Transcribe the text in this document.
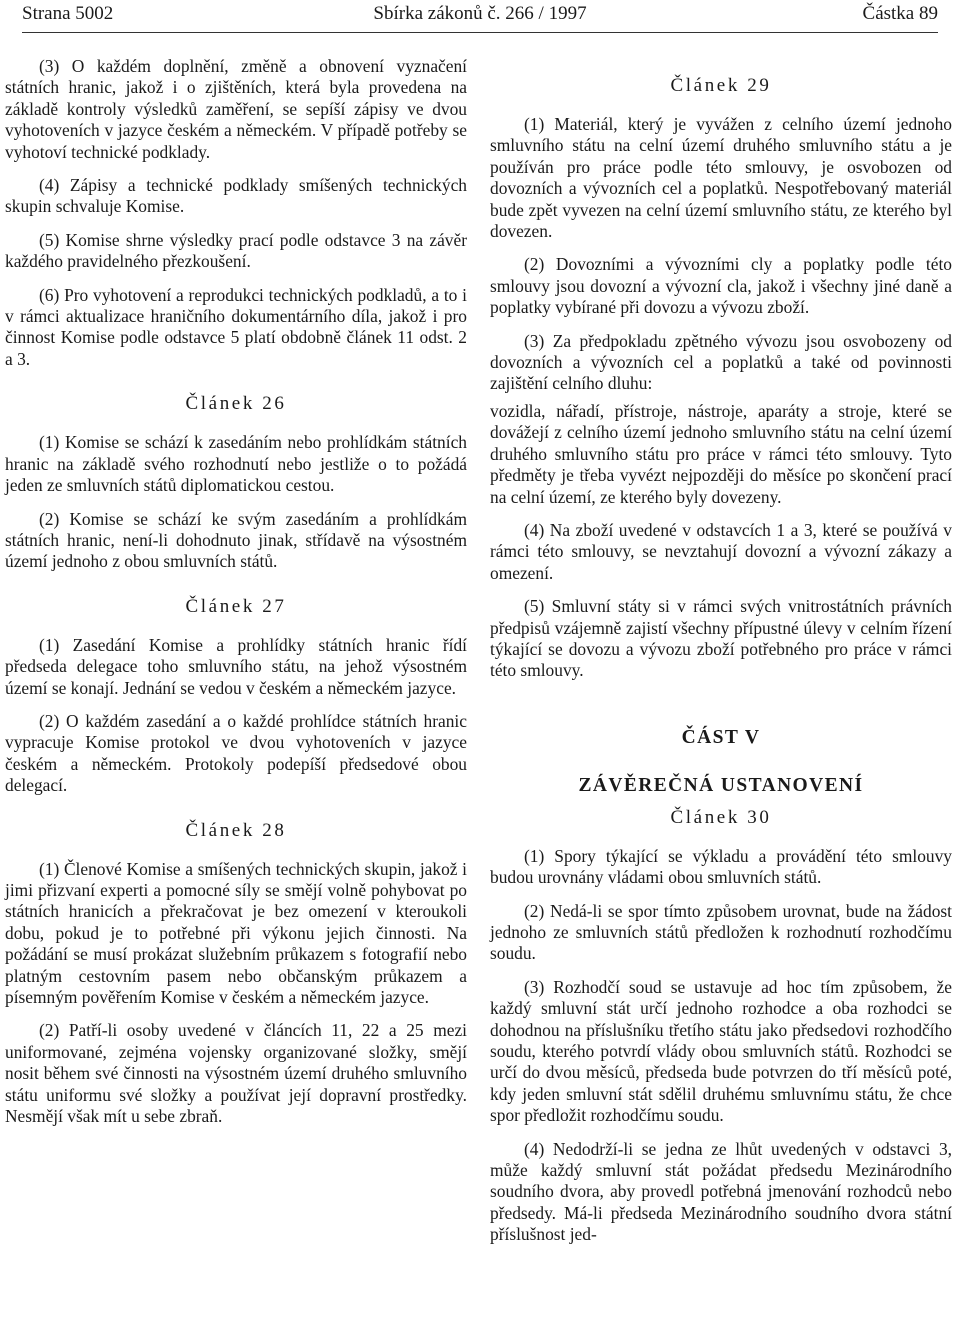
Strana 5002	Sbírka zákonů č. 266 / 1997	Částka 89

(3) O každém doplnění, změně a obnovení vyznačení státních hranic, jakož i o zjištěních, která byla provedena na základě kontroly výsledků zaměření, se sepíší zápisy ve dvou vyhotoveních v jazyce českém a německém. V případě potřeby se vyhotoví technické podklady.

(4) Zápisy a technické podklady smíšených technických skupin schvaluje Komise.

(5) Komise shrne výsledky prací podle odstavce 3 na závěr každého pravidelného přezkoušení.

(6) Pro vyhotovení a reprodukci technických podkladů, a to i v rámci aktualizace hraničního dokumentárního díla, jakož i pro činnost Komise podle odstavce 5 platí obdobně článek 11 odst. 2 a 3.

Článek 26

(1) Komise se schází k zasedáním nebo prohlídkám státních hranic na základě svého rozhodnutí nebo jestliže o to požádá jeden ze smluvních států diplomatickou cestou.

(2) Komise se schází ke svým zasedáním a prohlídkám státních hranic, není-li dohodnuto jinak, střídavě na výsostném území jednoho z obou smluvních států.

Článek 27

(1) Zasedání Komise a prohlídky státních hranic řídí předseda delegace toho smluvního státu, na jehož výsostném území se konají. Jednání se vedou v českém a německém jazyce.

(2) O každém zasedání a o každé prohlídce státních hranic vypracuje Komise protokol ve dvou vyhotoveních v jazyce českém a německém. Protokoly podepíší předsedové obou delegací.

Článek 28

(1) Členové Komise a smíšených technických skupin, jakož i jimi přizvaní experti a pomocné síly se smějí volně pohybovat po státních hranicích a překračovat je bez omezení v kteroukoli dobu, pokud je to potřebné při výkonu jejich činnosti. Na požádání se musí prokázat služebním průkazem s fotografií nebo platným cestovním pasem nebo občanským průkazem a písemným pověřením Komise v českém a německém jazyce.

(2) Patří-li osoby uvedené v článcích 11, 22 a 25 mezi uniformované, zejména vojensky organizované složky, smějí nosit během své činnosti na výsostném území druhého smluvního státu uniformu své složky a používat její dopravní prostředky. Nesmějí však mít u sebe zbraň.

Článek 29

(1) Materiál, který je vyvážen z celního území jednoho smluvního státu na celní území druhého smluvního státu a je používán pro práce podle této smlouvy, je osvobozen od dovozních a vývozních cel a poplatků. Nespotřebovaný materiál bude zpět vyvezen na celní území smluvního státu, ze kterého byl dovezen.

(2) Dovozními a vývozními cly a poplatky podle této smlouvy jsou dovozní a vývozní cla, jakož i všechny jiné daně a poplatky vybírané při dovozu a vývozu zboží.

(3) Za předpokladu zpětného vývozu jsou osvobozeny od dovozních a vývozních cel a poplatků a také od povinnosti zajištění celního dluhu:

vozidla, nářadí, přístroje, nástroje, aparáty a stroje, které se dovážejí z celního území jednoho smluvního státu na celní území druhého smluvního státu pro práce v rámci této smlouvy. Tyto předměty je třeba vyvézt nejpozději do měsíce po skončení prací na celní území, ze kterého byly dovezeny.

(4) Na zboží uvedené v odstavcích 1 a 3, které se používá v rámci této smlouvy, se nevztahují dovozní a vývozní zákazy a omezení.

(5) Smluvní státy si v rámci svých vnitrostátních právních předpisů vzájemně zajistí všechny přípustné úlevy v celním řízení týkající se dovozu a vývozu zboží potřebného pro práce v rámci této smlouvy.

ČÁST V
ZÁVĚREČNÁ USTANOVENÍ
Článek 30

(1) Spory týkající se výkladu a provádění této smlouvy budou urovnány vládami obou smluvních států.

(2) Nedá-li se spor tímto způsobem urovnat, bude na žádost jednoho ze smluvních států předložen k rozhodnutí rozhodčímu soudu.

(3) Rozhodčí soud se ustavuje ad hoc tím způsobem, že každý smluvní stát určí jednoho rozhodce a oba rozhodci se dohodnou na příslušníku třetího státu jako předsedovi rozhodčího soudu, kterého potvrdí vlády obou smluvních států. Rozhodci se určí do dvou měsíců, předseda bude potvrzen do tří měsíců poté, kdy jeden smluvní stát sdělil druhému smluvnímu státu, že chce spor předložit rozhodčímu soudu.

(4) Nedodrží-li se jedna ze lhůt uvedených v odstavci 3, může každý smluvní stát požádat předsedu Mezinárodního soudního dvora, aby provedl potřebná jmenování rozhodců nebo předsedy. Má-li předseda Mezinárodního soudního dvora státní příslušnost jed-
